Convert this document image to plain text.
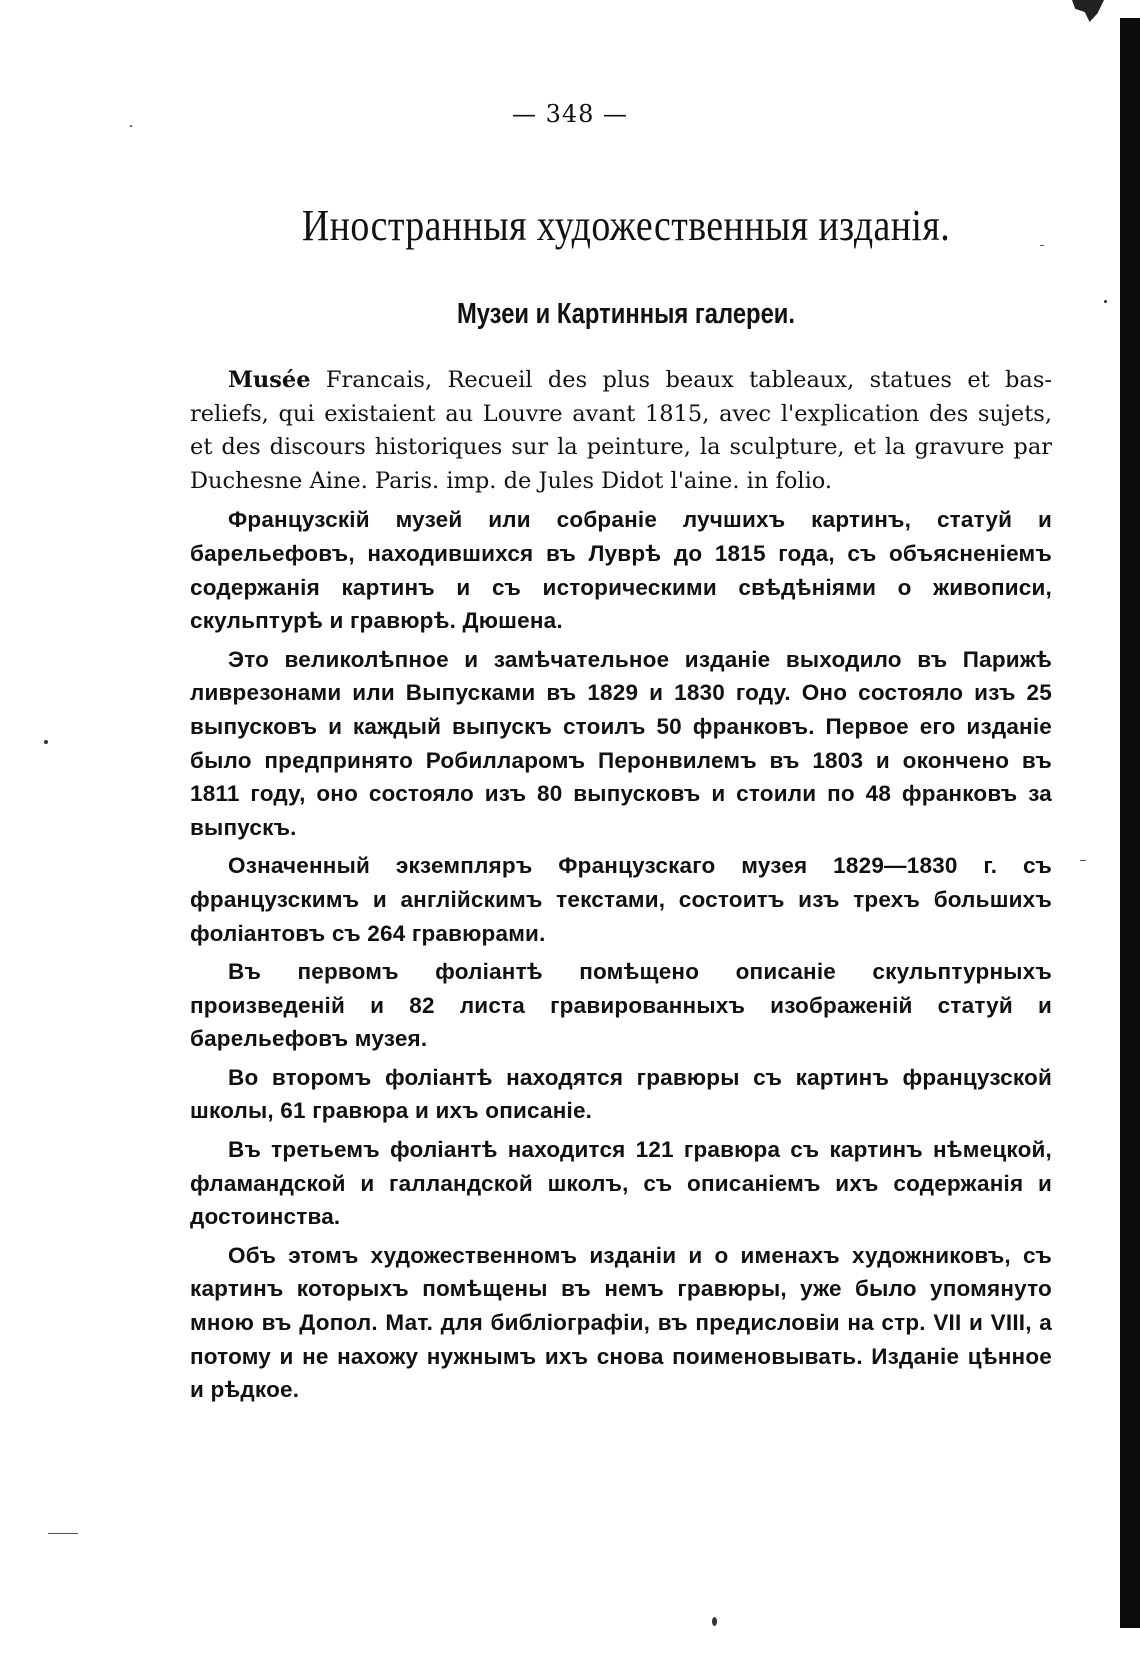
— 348 —
Иностранныя художественныя изданія.
Музеи и Картинныя галереи.

Musée Francais, Recueil des plus beaux tableaux, statues et bas-reliefs, qui existaient au Louvre avant 1815, avec l'explication des sujets, et des discours historiques sur la peinture, la sculpture, et la gravure par Duchesne Aine. Paris. imp. de Jules Didot l'aine. in folio.

Французскій музей или собраніе лучшихъ картинъ, статуй и барельефовъ, находившихся въ Луврѣ до 1815 года, съ объясненіемъ содержанія картинъ и съ историческими свѣдѣніями о живописи, скульптурѣ и гравюрѣ. Дюшена.

Это великолѣпное и замѣчательное изданіе выходило въ Парижѣ ливрезонами или Выпусками въ 1829 и 1830 году. Оно состояло изъ 25 выпусковъ и каждый выпускъ стоилъ 50 франковъ. Первое его изданіе было предпринято Робилларомъ Перонвилемъ въ 1803 и окончено въ 1811 году, оно состояло изъ 80 выпусковъ и стоили по 48 франковъ за выпускъ.

Означенный экземпляръ Французскаго музея 1829—1830 г. съ французскимъ и англійскимъ текстами, состоитъ изъ трехъ большихъ фоліантовъ съ 264 гравюрами.

Въ первомъ фоліантѣ помѣщено описаніе скульптурныхъ произведеній и 82 листа гравированныхъ изображеній статуй и барельефовъ музея.

Во второмъ фоліантѣ находятся гравюры съ картинъ французской школы, 61 гравюра и ихъ описаніе.

Въ третьемъ фоліантѣ находится 121 гравюра съ картинъ нѣмецкой, фламандской и галландской школъ, съ описаніемъ ихъ содержанія и достоинства.

Объ этомъ художественномъ изданіи и о именахъ художниковъ, съ картинъ которыхъ помѣщены въ немъ гравюры, уже было упомянуто мною въ Допол. Мат. для библіографіи, въ предисловіи на стр. VII и VIII, а потому и не нахожу нужнымъ ихъ снова поименовывать. Изданіе цѣнное и рѣдкое.
